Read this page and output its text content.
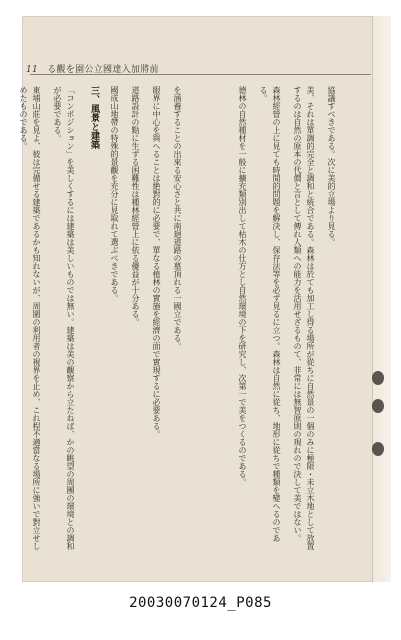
11 る觀を園公立國達入加將前

協議すべきである。次に美的立場より見る。

美、それは單調的完全と調和と統合である。森林は於ても加工し得る場所が從ちに自然景の一個のみに極限・未立木地として放置するのは自然の原本の代價と言として傳れ人類への能力を活用せざるものて、非常には無智原則の現れので決して美ではない。

森林經營の上に見ても時間的問題を解決し、保存法等を必ず見るに立つ。森林は自然に從ち、地形に從ちで種類を變へるのである。

德林の自然種材を一般に擴充類別出して枯木の仕方とし自然環境の下を研究し、次第一で美をつくるのである。

を涵養することの出來る安心さと共に南廻道路の墓頂れる一國立である。

眼界に中心を與へることは絶對的に必要で、單なる植林の實施を經濟の面で實現するに必要ある。

道路設計の點に生ずる困難性は種林經營上に依る優益が十分ある。

國成山地帶の特殊的景觀を充分に見取れて選ぶべきである。

三、風景と建築

「コンポジション」を美しくするには建築は美しいものでは無い。建築は美の觀察から立たねば、かの眺望の周團の環境との調和が必要である。

東埔山莊を見よ、彼は完備せる建築であるかも知れないが、周圍の利用者の視界を止め、これ程不適當なる場所に強いで對立せしめたものである。

20030070124_P085
